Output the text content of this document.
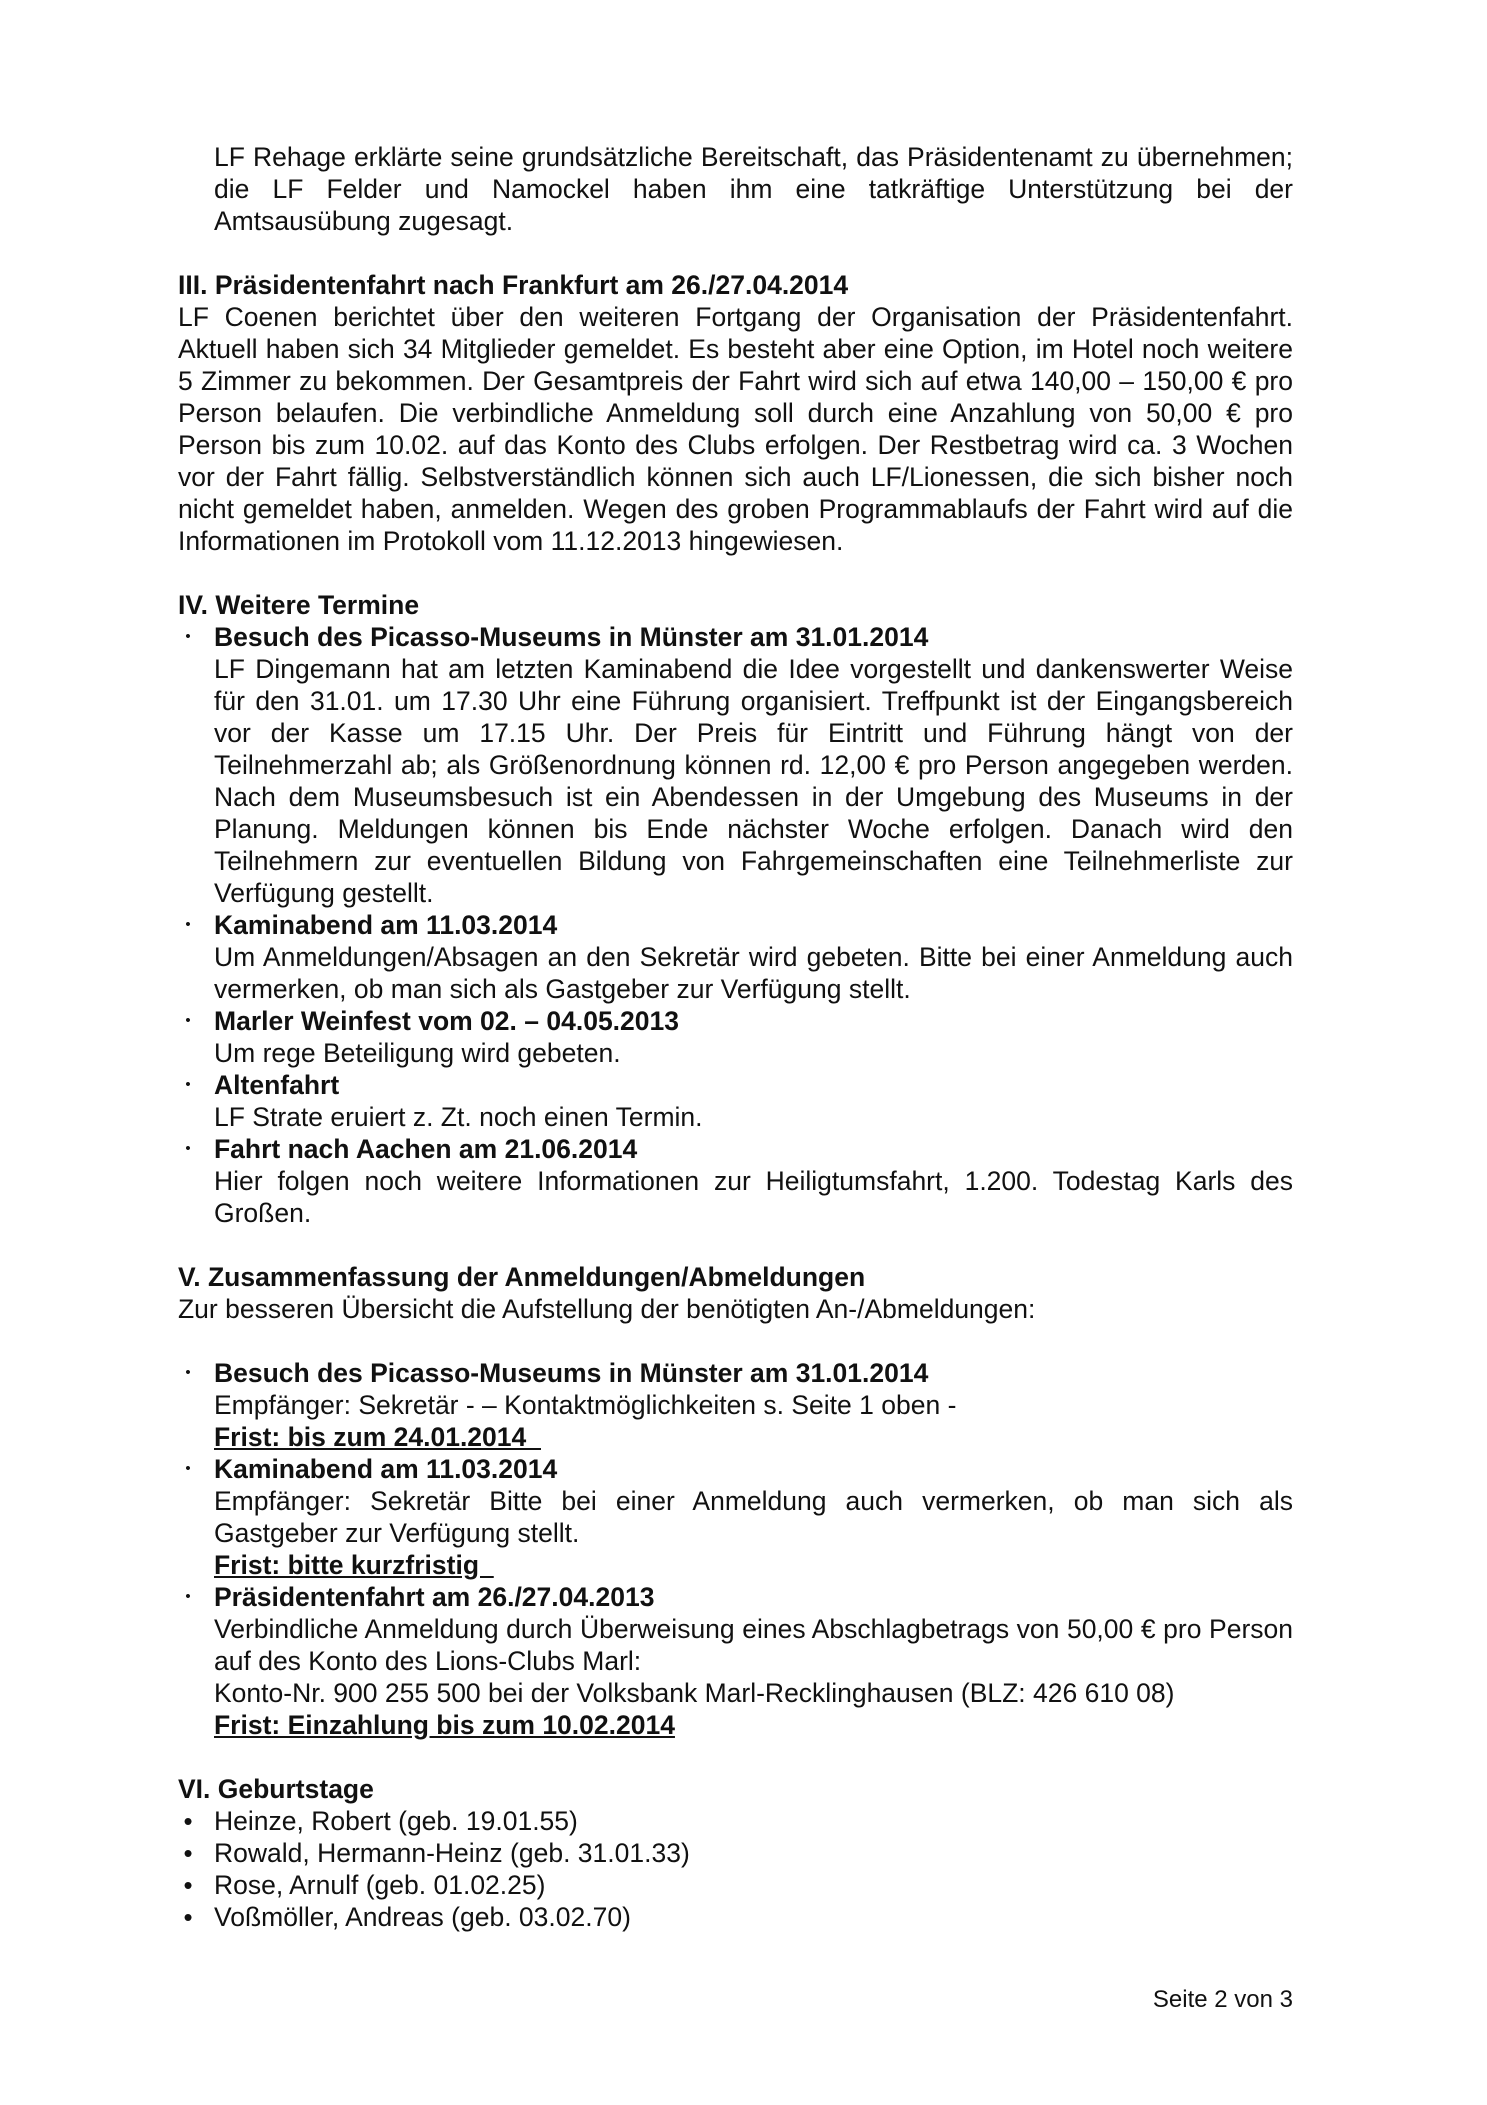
LF Rehage erklärte seine grundsätzliche Bereitschaft, das Präsidentenamt zu übernehmen; die LF Felder und Namockel haben ihm eine tatkräftige Unterstützung bei der Amtsausübung zugesagt.
III. Präsidentenfahrt nach Frankfurt am 26./27.04.2014
LF Coenen berichtet über den weiteren Fortgang der Organisation der Präsidentenfahrt. Aktuell haben sich 34 Mitglieder gemeldet. Es besteht aber eine Option, im Hotel noch weitere 5 Zimmer zu bekommen. Der Gesamtpreis der Fahrt wird sich auf etwa 140,00 – 150,00 € pro Person belaufen. Die verbindliche Anmeldung soll durch eine Anzahlung von 50,00 € pro Person bis zum 10.02. auf das Konto des Clubs erfolgen. Der Restbetrag wird ca. 3 Wochen vor der Fahrt fällig. Selbstverständlich können sich auch LF/Lionessen, die sich bisher noch nicht gemeldet haben, anmelden. Wegen des groben Programmablaufs der Fahrt wird auf die Informationen im Protokoll vom 11.12.2013 hingewiesen.
IV. Weitere Termine
• Besuch des Picasso-Museums in Münster am 31.01.2014
LF Dingemann hat am letzten Kaminabend die Idee vorgestellt und dankenswerter Weise für den 31.01. um 17.30 Uhr eine Führung organisiert. Treffpunkt ist der Eingangsbereich vor der Kasse um 17.15 Uhr. Der Preis für Eintritt und Führung hängt von der Teilnehmerzahl ab; als Größenordnung können rd. 12,00 € pro Person angegeben werden. Nach dem Museumsbesuch ist ein Abendessen in der Umgebung des Museums in der Planung. Meldungen können bis Ende nächster Woche erfolgen. Danach wird den Teilnehmern zur eventuellen Bildung von Fahrgemeinschaften eine Teilnehmerliste zur Verfügung gestellt.
• Kaminabend am 11.03.2014
Um Anmeldungen/Absagen an den Sekretär wird gebeten. Bitte bei einer Anmeldung auch vermerken, ob man sich als Gastgeber zur Verfügung stellt.
• Marler Weinfest vom 02. – 04.05.2013
Um rege Beteiligung wird gebeten.
• Altenfahrt
LF Strate eruiert z. Zt. noch einen Termin.
• Fahrt nach Aachen am 21.06.2014
Hier folgen noch weitere Informationen zur Heiligtumsfahrt, 1.200. Todestag Karls des Großen.
V. Zusammenfassung der Anmeldungen/Abmeldungen
Zur besseren Übersicht die Aufstellung der benötigten An-/Abmeldungen:
• Besuch des Picasso-Museums in Münster am 31.01.2014
Empfänger: Sekretär - – Kontaktmöglichkeiten s. Seite 1 oben -
Frist: bis zum 24.01.2014
• Kaminabend am 11.03.2014
Empfänger: Sekretär Bitte bei einer Anmeldung auch vermerken, ob man sich als Gastgeber zur Verfügung stellt.
Frist: bitte kurzfristig
• Präsidentenfahrt am 26./27.04.2013
Verbindliche Anmeldung durch Überweisung eines Abschlagbetrags von 50,00 € pro Person auf des Konto des Lions-Clubs Marl:
Konto-Nr. 900 255 500 bei der Volksbank Marl-Recklinghausen (BLZ: 426 610 08)
Frist: Einzahlung bis zum 10.02.2014
VI. Geburtstage
• Heinze, Robert (geb. 19.01.55)
• Rowald, Hermann-Heinz (geb. 31.01.33)
• Rose, Arnulf (geb. 01.02.25)
• Voßmöller, Andreas (geb. 03.02.70)
Seite 2 von 3
